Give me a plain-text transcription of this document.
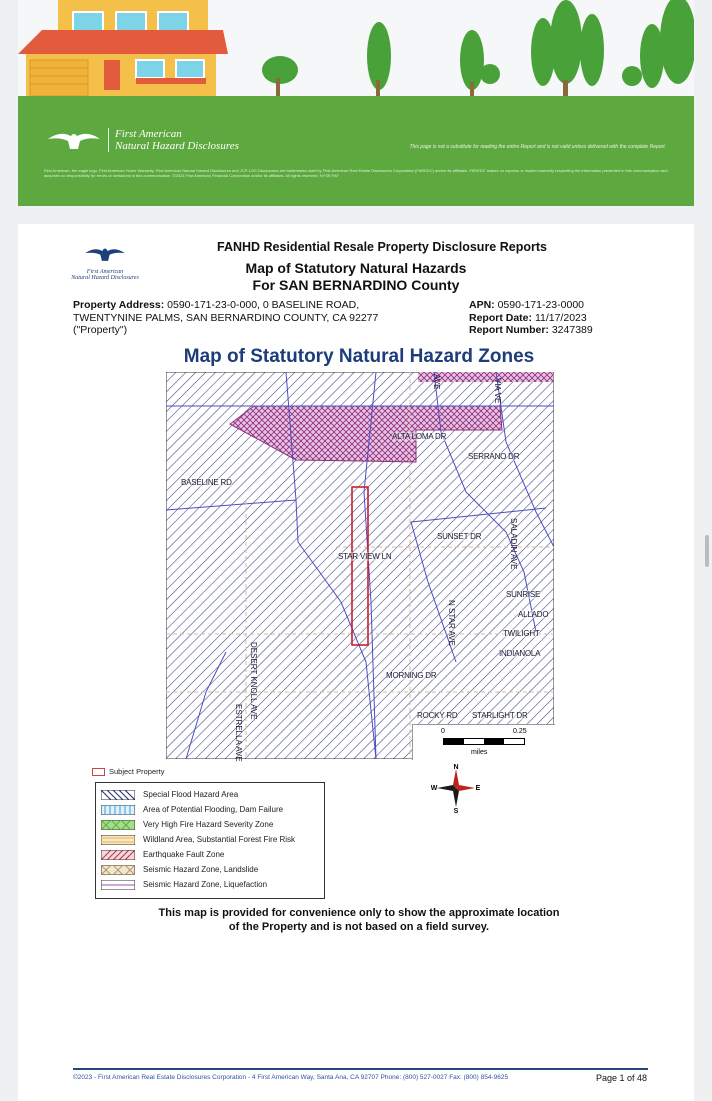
First American
Natural Hazard Disclosures	This page is not a substitute for reading the entire Report and is not valid unless delivered with the complete Report.
First American, the eagle logo, First American Home Warranty, First American Natural Hazard Disclosures and JCP-LGS Disclosures are trademarks used by First American Real Estate Disclosures Corporation (FAREDC) and/or its affiliates. FAREDC makes no express or implied warranty respecting the information presented in this communication and assumes no responsibility for errors or omissions in this communication. ©2023 First American Financial Corporation and/or its affiliates. All rights reserved. NYSE:FAF
First American
Natural Hazard Disclosures
FANHD Residential Resale Property Disclosure Reports
Map of Statutory Natural Hazards
For SAN BERNARDINO County
Property Address: 0590-171-23-0-000, 0 BASELINE ROAD,
TWENTYNINE PALMS, SAN BERNARDINO COUNTY, CA 92277
("Property")
APN: 0590-171-23-0000
Report Date: 11/17/2023
Report Number: 3247389
Map of Statutory Natural Hazard Zones
ALTA LOMA DR
SERRANO DR
BASELINE RD
SUNSET DR
STAR VIEW LN
SUNRISE
ALLADO
TWILIGHT
INDIANOLA
MORNING DR
ROCKY RD STARLIGHT DR
DESERT KNOLL AVE
ESTRELLA AVE
SALADIN AVE
N STAR AVE
AVE	VIA VE
0	0.25
miles
Subject Property
Special Flood Hazard Area
Area of Potential Flooding, Dam Failure
Very High Fire Hazard Severity Zone
Wildland Area, Substantial Forest Fire Risk
Earthquake Fault Zone
Seismic Hazard Zone, Landslide
Seismic Hazard Zone, Liquefaction
N
S
W	E
This map is provided for convenience only to show the approximate location
of the Property and is not based on a field survey.
©2023 - First American Real Estate Disclosures Corporation - 4 First American Way, Santa Ana, CA 92707 Phone: (800) 527-0027 Fax: (800) 854-9625	Page 1 of 48
